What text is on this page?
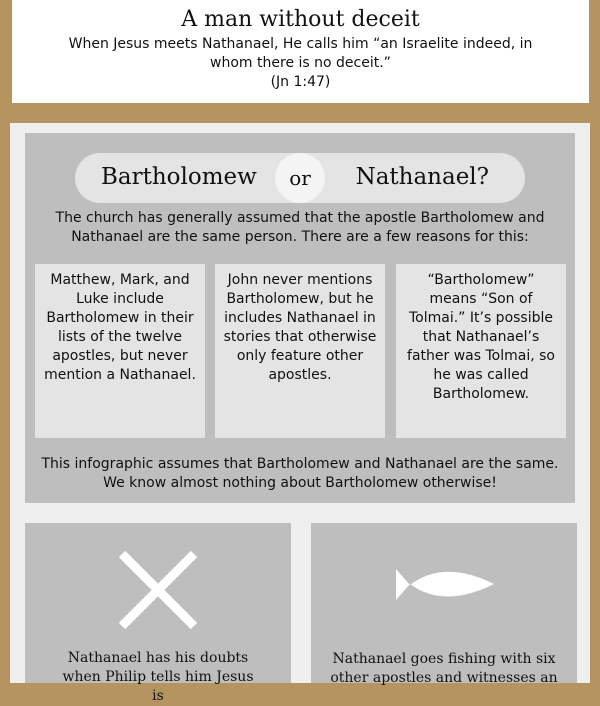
A man without deceit
When Jesus meets Nathanael, He calls him “an Israelite indeed, in whom there is no deceit.”
(Jn 1:47)
Bartholomew	or	Nathanael?
The church has generally assumed that the apostle Bartholomew and Nathanael are the same person. There are a few reasons for this:
Matthew, Mark, and Luke include Bartholomew in their lists of the twelve apostles, but never mention a Nathanael.
John never mentions Bartholomew, but he includes Nathanael in stories that otherwise only feature other apostles.
“Bartholomew” means “Son of Tolmai.” It’s possible that Nathanael’s father was Tolmai, so he was called Bartholomew.
This infographic assumes that Bartholomew and Nathanael are the same. We know almost nothing about Bartholomew otherwise!
Nathanael has his doubts when Philip tells him Jesus is
Nathanael goes fishing with six other apostles and witnesses an
